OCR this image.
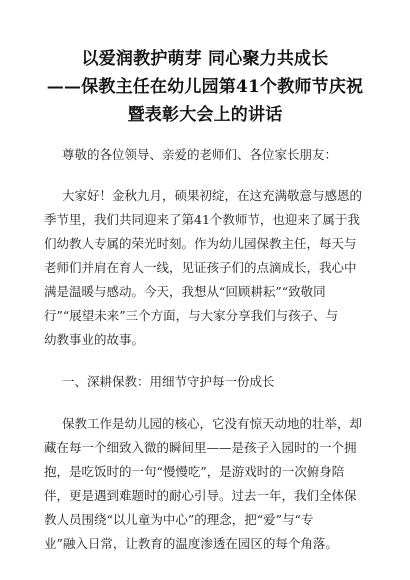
以爱润教护萌芽 同心聚力共成长
——保教主任在幼儿园第41个教师节庆祝
暨表彰大会上的讲话
尊敬的各位领导、亲爱的老师们、各位家长朋友：
大家好！金秋九月，硕果初绽，在这充满敬意与感恩的
季节里，我们共同迎来了第41个教师节，也迎来了属于我
们幼教人专属的荣光时刻。作为幼儿园保教主任，每天与
老师们并肩在育人一线，见证孩子们的点滴成长，我心中
满是温暖与感动。今天，我想从“回顾耕耘”“致敬同
行”“展望未来”三个方面，与大家分享我们与孩子、与
幼教事业的故事。
一、深耕保教：用细节守护每一份成长
保教工作是幼儿园的核心，它没有惊天动地的壮举，却
藏在每一个细致入微的瞬间里——是孩子入园时的一个拥
抱，是吃饭时的一句“慢慢吃”，是游戏时的一次俯身陪
伴，更是遇到难题时的耐心引导。过去一年，我们全体保
教人员围绕“以儿童为中心”的理念，把“爱”与“专
业”融入日常，让教育的温度渗透在园区的每个角落。
